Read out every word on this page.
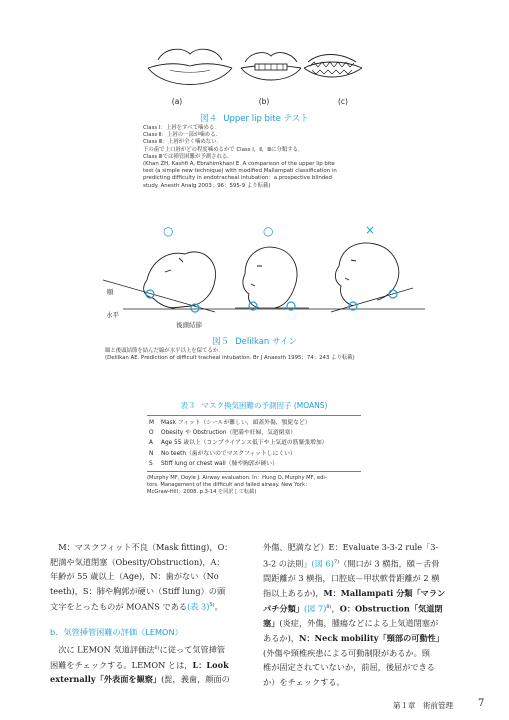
(a)	(b)	(c)
図４ Upper lip bite テスト
Class Ⅰ：上唇をすべて噛める.
Class Ⅱ：上唇の一部が噛める.
Class Ⅲ：上唇が全く噛めない.
下の歯で上口唇がどの程度噛めるかで Class Ⅰ，Ⅱ，Ⅲに分類する.
Class Ⅲでは挿管困難が予測される.
(Khan ZH, Kashfi A, Ebrahimkhani E. A comparison of the upper lip bite
test (a simple new technique) with modified Mallampati classification in
predicting difficulty in endotracheal intubation：a prospective blinded
study. Anesth Analg 2003；96：595-9 より転載)
○	○	×
頤
水平
後頭結節
図５ Delilkan サイン
頤と後頭結節を結んだ線が水平以上を保てるか.
(Delilkan AE. Prediction of difficult tracheal intubation. Br J Anaesth 1995；74：243 より転載)
表３ マスク換気困難の予測因子 (MOANS)
M	Mask フィット（シールが難しい，頭蓋外傷，顎髭など）
O	Obesity や Obstruction（肥満や妊婦，気道閉塞）
A	Age 55 歳以上（コンプライアンス低下や上気道の筋緊張増加）
N	No teeth（歯がないのでマスクフィットしにくい）
S	Stiff lung or chest wall（肺や胸郭が硬い）
(Murphy MF, Doyle J. Airway evaluation. In：Hung O, Murphy MF, edi-
tors. Management of the difficult and failed airway. New York：
McGraw-Hill；2008. p.3-14 を同訳して転載)

M：マスクフィット不良（Mask fitting)，O：
肥満や気道閉塞（Obesity/Obstruction)，A：
年齢が 55 歳以上（Age)，N：歯がない（No
teeth)，S：肺や胸郭が硬い（Stiff lung）の頭
文字をとったものが MOANS である(表 3)$^{5)}$。

b．気管挿管困難の評価（LEMON）

次に LEMON 気道評価法$^{6)}$に従って気管挿管
困難をチェックする。LEMON とは，L：Look
externally「外表面を観察」(髭，義歯，顔面の

外傷、肥満など）E：Evaluate 3-3-2 rule「3-
3-2 の法則」(図 6)$^{7)}$（開口が 3 横指，頤－舌骨
間距離が 3 横指，口腔底－甲状軟骨距離が 2 横
指以上あるか)，M：Mallampati 分類「マラン
パチ分類」(図 7)$^{8)}$，O：Obstruction「気道閉
塞」(炎症，外傷，腫瘍などによる上気道閉塞が
あるか)，N：Neck mobility「頸部の可動性」
(外傷や頸椎疾患による可動制限があるか。頸
椎が固定されていないか，前屈，後屈ができる
か）をチェックする。
第１章　術前管理	7
